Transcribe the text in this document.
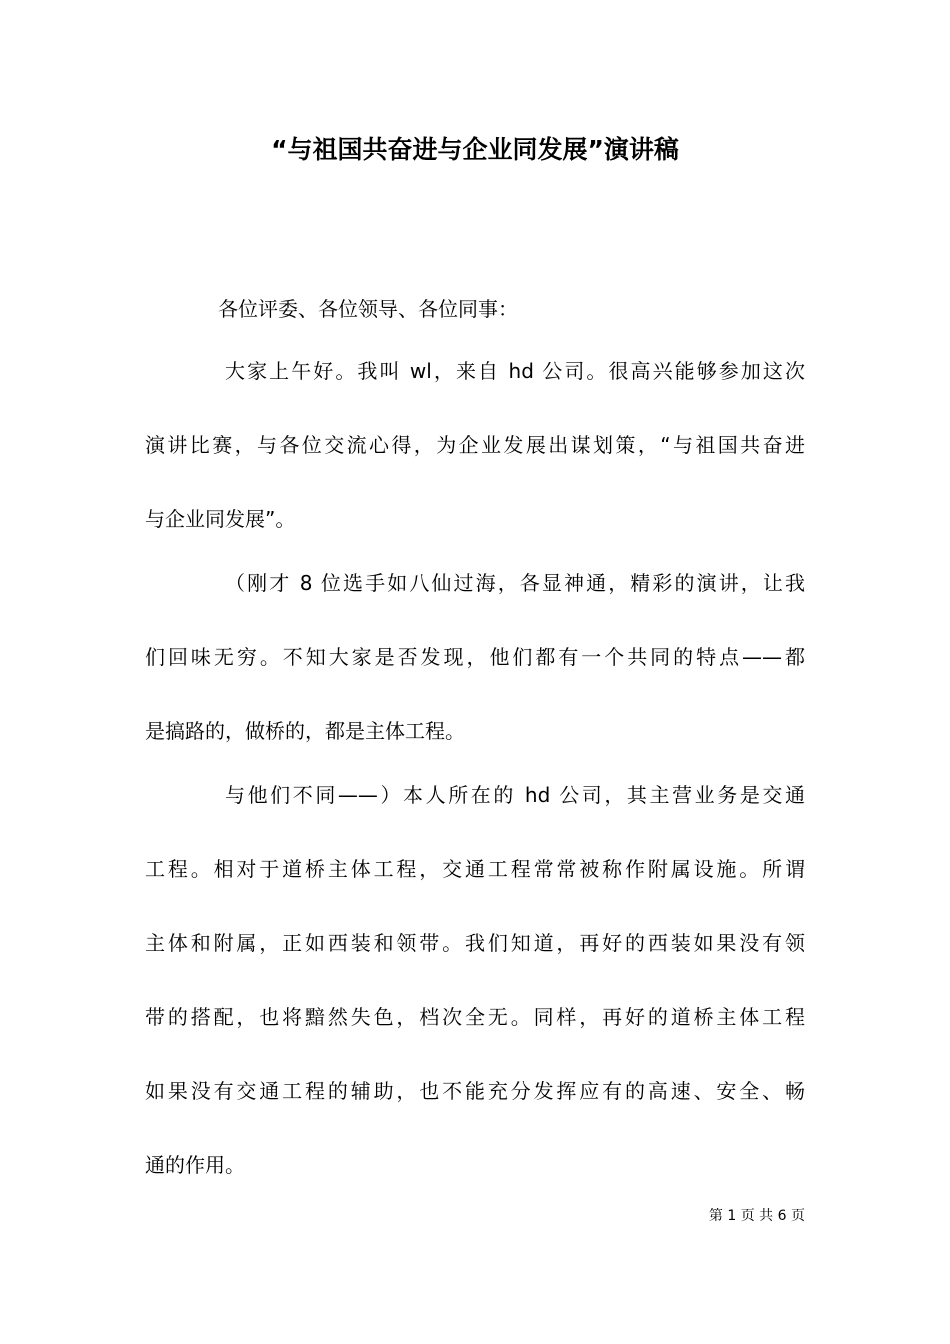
“与祖国共奋进与企业同发展”演讲稿
各位评委、各位领导、各位同事：
大家上午好。我叫 wl，来自 hd 公司。很高兴能够参加这次
演讲比赛，与各位交流心得，为企业发展出谋划策，“与祖国共奋进
与企业同发展”。
（刚才 8 位选手如八仙过海，各显神通，精彩的演讲，让我
们回味无穷。不知大家是否发现，他们都有一个共同的特点——都
是搞路的，做桥的，都是主体工程。
与他们不同——）本人所在的 hd 公司，其主营业务是交通
工程。相对于道桥主体工程，交通工程常常被称作附属设施。所谓
主体和附属，正如西装和领带。我们知道，再好的西装如果没有领
带的搭配，也将黯然失色，档次全无。同样，再好的道桥主体工程
如果没有交通工程的辅助，也不能充分发挥应有的高速、安全、畅
通的作用。
第 1 页 共 6 页
